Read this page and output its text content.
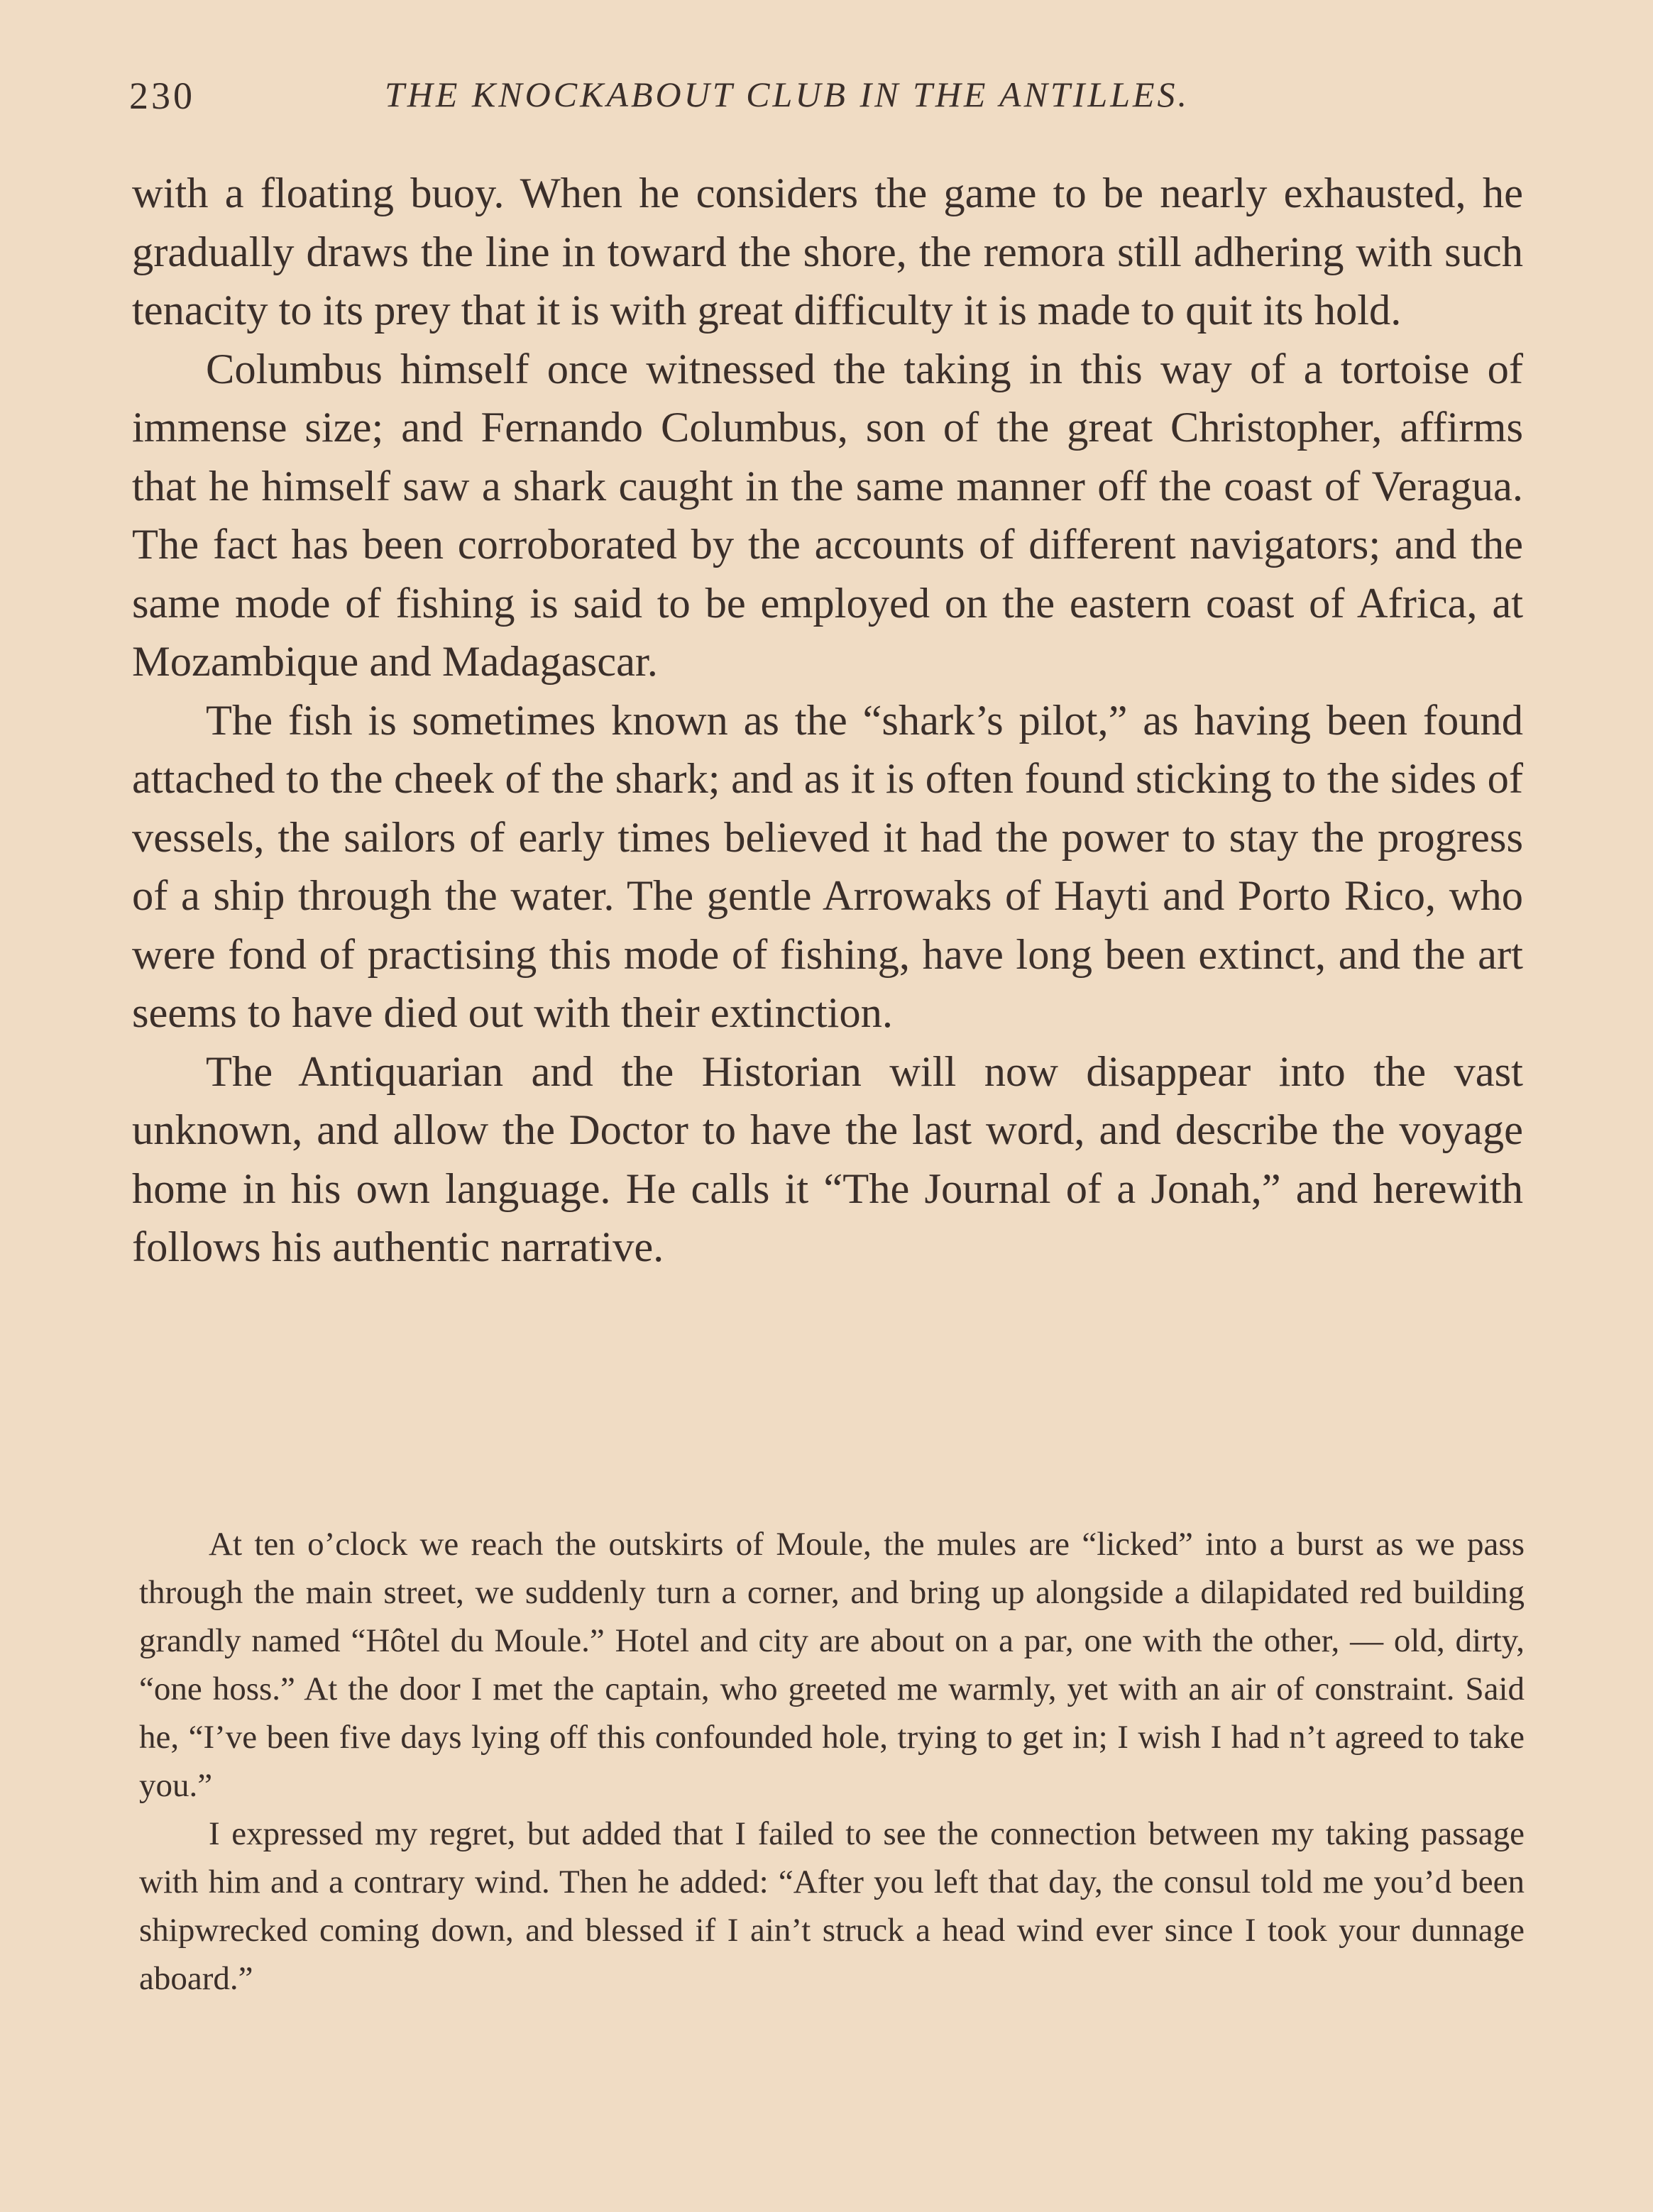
230	THE KNOCKABOUT CLUB IN THE ANTILLES.

with a floating buoy. When he considers the game to be nearly exhausted, he gradually draws the line in toward the shore, the remora still adhering with such tenacity to its prey that it is with great difficulty it is made to quit its hold.

Columbus himself once witnessed the taking in this way of a tortoise of immense size; and Fernando Columbus, son of the great Christopher, affirms that he himself saw a shark caught in the same manner off the coast of Veragua. The fact has been corroborated by the accounts of different navigators; and the same mode of fishing is said to be employed on the eastern coast of Africa, at Mozambique and Madagascar.

The fish is sometimes known as the “shark’s pilot,” as having been found attached to the cheek of the shark; and as it is often found sticking to the sides of vessels, the sailors of early times believed it had the power to stay the progress of a ship through the water. The gentle Arrowaks of Hayti and Porto Rico, who were fond of practising this mode of fishing, have long been extinct, and the art seems to have died out with their extinction.

The Antiquarian and the Historian will now disappear into the vast unknown, and allow the Doctor to have the last word, and describe the voyage home in his own language. He calls it “The Journal of a Jonah,” and herewith follows his authentic narrative.

At ten o’clock we reach the outskirts of Moule, the mules are “licked” into a burst as we pass through the main street, we suddenly turn a corner, and bring up alongside a dilapidated red building grandly named “Hôtel du Moule.” Hotel and city are about on a par, one with the other, — old, dirty, “one hoss.” At the door I met the captain, who greeted me warmly, yet with an air of constraint. Said he, “I’ve been five days lying off this confounded hole, trying to get in; I wish I had n’t agreed to take you.”

I expressed my regret, but added that I failed to see the connection between my taking passage with him and a contrary wind. Then he added: “After you left that day, the consul told me you’d been shipwrecked coming down, and blessed if I ain’t struck a head wind ever since I took your dunnage aboard.”
